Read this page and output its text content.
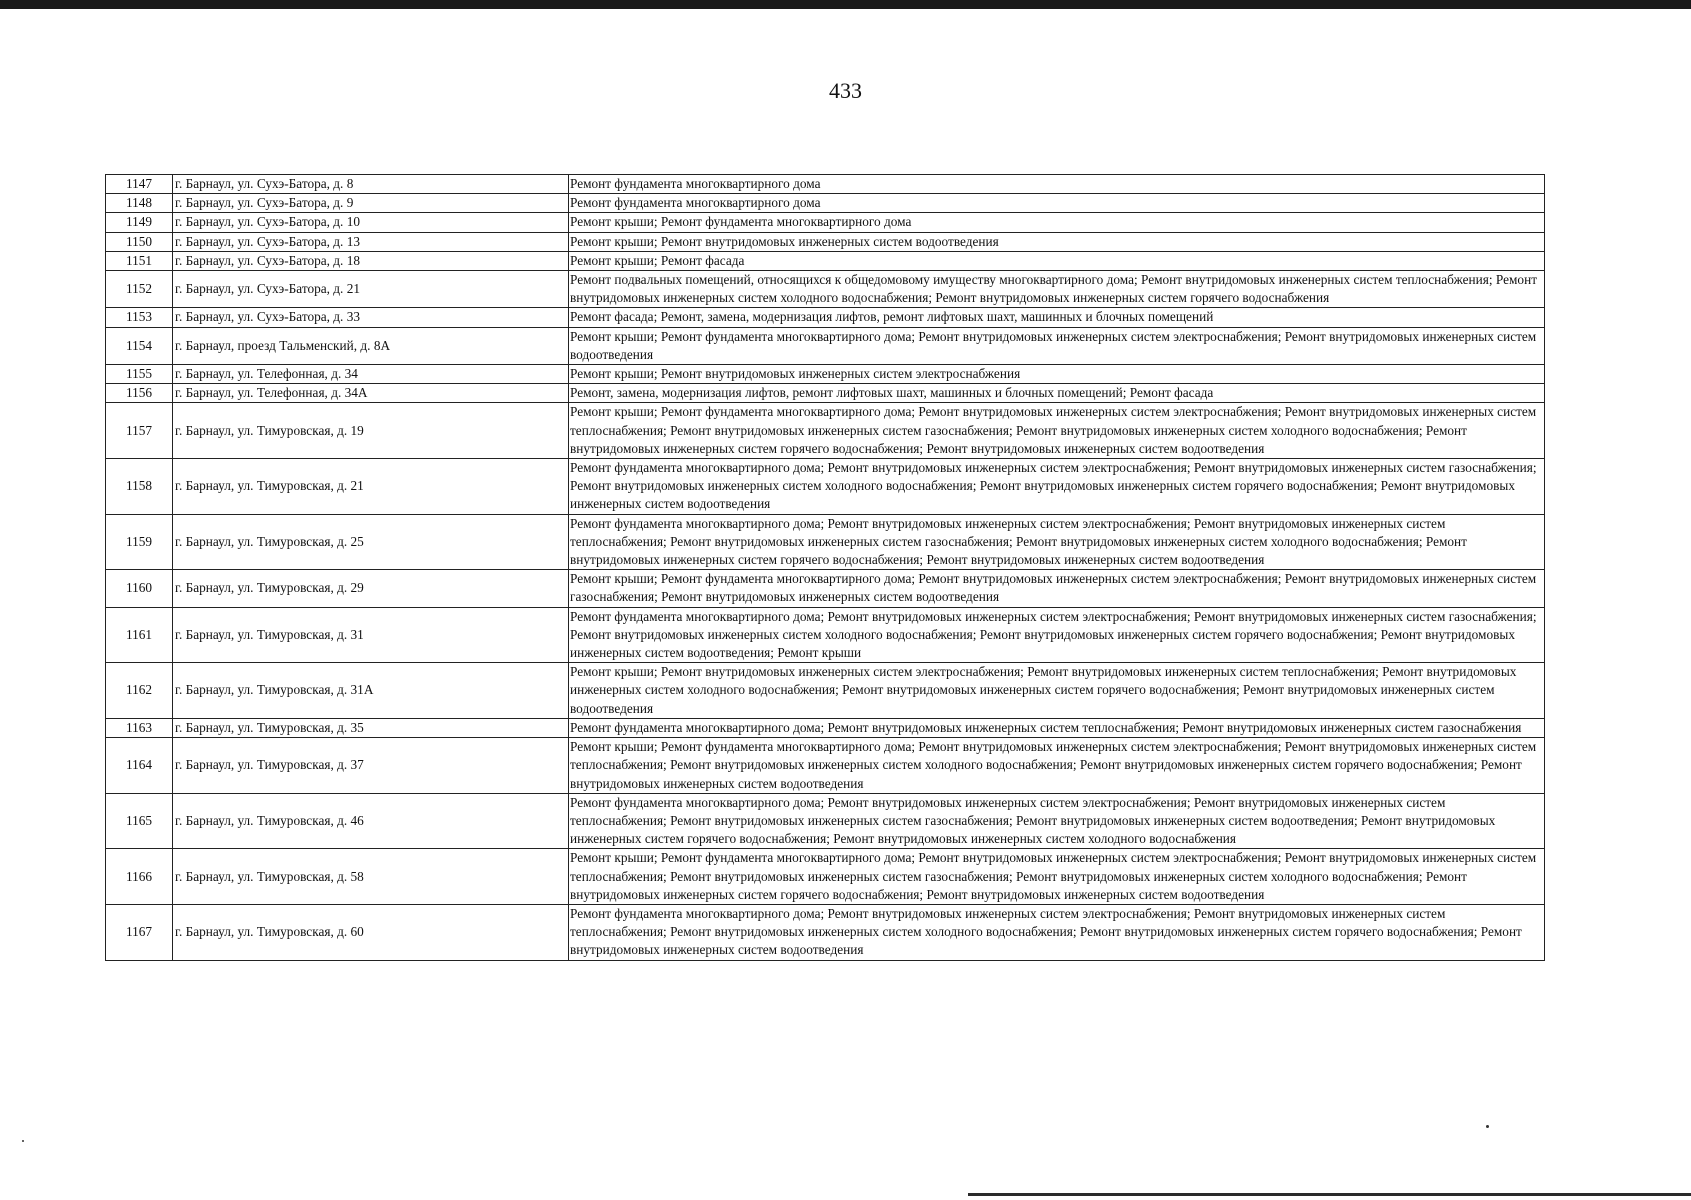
433
1147	г. Барнаул, ул. Сухэ-Батора, д. 8	Ремонт фундамента многоквартирного дома
1148	г. Барнаул, ул. Сухэ-Батора, д. 9	Ремонт фундамента многоквартирного дома
1149	г. Барнаул, ул. Сухэ-Батора, д. 10	Ремонт крыши; Ремонт фундамента многоквартирного дома
1150	г. Барнаул, ул. Сухэ-Батора, д. 13	Ремонт крыши; Ремонт внутридомовых инженерных систем водоотведения
1151	г. Барнаул, ул. Сухэ-Батора, д. 18	Ремонт крыши; Ремонт фасада
1152	г. Барнаул, ул. Сухэ-Батора, д. 21	Ремонт подвальных помещений, относящихся к общедомовому имуществу многоквартирного дома; Ремонт внутридомовых инженерных систем теплоснабжения; Ремонт внутридомовых инженерных систем холодного водоснабжения; Ремонт внутридомовых инженерных систем горячего водоснабжения
1153	г. Барнаул, ул. Сухэ-Батора, д. 33	Ремонт фасада; Ремонт, замена, модернизация лифтов, ремонт лифтовых шахт, машинных и блочных помещений
1154	г. Барнаул, проезд Тальменский, д. 8А	Ремонт крыши; Ремонт фундамента многоквартирного дома; Ремонт внутридомовых инженерных систем электроснабжения; Ремонт внутридомовых инженерных систем водоотведения
1155	г. Барнаул, ул. Телефонная, д. 34	Ремонт крыши; Ремонт внутридомовых инженерных систем электроснабжения
1156	г. Барнаул, ул. Телефонная, д. 34А	Ремонт, замена, модернизация лифтов, ремонт лифтовых шахт, машинных и блочных помещений; Ремонт фасада
1157	г. Барнаул, ул. Тимуровская, д. 19	Ремонт крыши; Ремонт фундамента многоквартирного дома; Ремонт внутридомовых инженерных систем электроснабжения; Ремонт внутридомовых инженерных систем теплоснабжения; Ремонт внутридомовых инженерных систем газоснабжения; Ремонт внутридомовых инженерных систем холодного водоснабжения; Ремонт внутридомовых инженерных систем горячего водоснабжения; Ремонт внутридомовых инженерных систем водоотведения
1158	г. Барнаул, ул. Тимуровская, д. 21	Ремонт фундамента многоквартирного дома; Ремонт внутридомовых инженерных систем электроснабжения; Ремонт внутридомовых инженерных систем газоснабжения; Ремонт внутридомовых инженерных систем холодного водоснабжения; Ремонт внутридомовых инженерных систем горячего водоснабжения; Ремонт внутридомовых инженерных систем водоотведения
1159	г. Барнаул, ул. Тимуровская, д. 25	Ремонт фундамента многоквартирного дома; Ремонт внутридомовых инженерных систем электроснабжения; Ремонт внутридомовых инженерных систем теплоснабжения; Ремонт внутридомовых инженерных систем газоснабжения; Ремонт внутридомовых инженерных систем холодного водоснабжения; Ремонт внутридомовых инженерных систем горячего водоснабжения; Ремонт внутридомовых инженерных систем водоотведения
1160	г. Барнаул, ул. Тимуровская, д. 29	Ремонт крыши; Ремонт фундамента многоквартирного дома; Ремонт внутридомовых инженерных систем электроснабжения; Ремонт внутридомовых инженерных систем газоснабжения; Ремонт внутридомовых инженерных систем водоотведения
1161	г. Барнаул, ул. Тимуровская, д. 31	Ремонт фундамента многоквартирного дома; Ремонт внутридомовых инженерных систем электроснабжения; Ремонт внутридомовых инженерных систем газоснабжения; Ремонт внутридомовых инженерных систем холодного водоснабжения; Ремонт внутридомовых инженерных систем горячего водоснабжения; Ремонт внутридомовых инженерных систем водоотведения; Ремонт крыши
1162	г. Барнаул, ул. Тимуровская, д. 31А	Ремонт крыши; Ремонт внутридомовых инженерных систем электроснабжения; Ремонт внутридомовых инженерных систем теплоснабжения; Ремонт внутридомовых инженерных систем холодного водоснабжения; Ремонт внутридомовых инженерных систем горячего водоснабжения; Ремонт внутридомовых инженерных систем водоотведения
1163	г. Барнаул, ул. Тимуровская, д. 35	Ремонт фундамента многоквартирного дома; Ремонт внутридомовых инженерных систем теплоснабжения; Ремонт внутридомовых инженерных систем газоснабжения
1164	г. Барнаул, ул. Тимуровская, д. 37	Ремонт крыши; Ремонт фундамента многоквартирного дома; Ремонт внутридомовых инженерных систем электроснабжения; Ремонт внутридомовых инженерных систем теплоснабжения; Ремонт внутридомовых инженерных систем холодного водоснабжения; Ремонт внутридомовых инженерных систем горячего водоснабжения; Ремонт внутридомовых инженерных систем водоотведения
1165	г. Барнаул, ул. Тимуровская, д. 46	Ремонт фундамента многоквартирного дома; Ремонт внутридомовых инженерных систем электроснабжения; Ремонт внутридомовых инженерных систем теплоснабжения; Ремонт внутридомовых инженерных систем газоснабжения; Ремонт внутридомовых инженерных систем водоотведения; Ремонт внутридомовых инженерных систем горячего водоснабжения; Ремонт внутридомовых инженерных систем холодного водоснабжения
1166	г. Барнаул, ул. Тимуровская, д. 58	Ремонт крыши; Ремонт фундамента многоквартирного дома; Ремонт внутридомовых инженерных систем электроснабжения; Ремонт внутридомовых инженерных систем теплоснабжения; Ремонт внутридомовых инженерных систем газоснабжения; Ремонт внутридомовых инженерных систем холодного водоснабжения; Ремонт внутридомовых инженерных систем горячего водоснабжения; Ремонт внутридомовых инженерных систем водоотведения
1167	г. Барнаул, ул. Тимуровская, д. 60	Ремонт фундамента многоквартирного дома; Ремонт внутридомовых инженерных систем электроснабжения; Ремонт внутридомовых инженерных систем теплоснабжения; Ремонт внутридомовых инженерных систем холодного водоснабжения; Ремонт внутридомовых инженерных систем горячего водоснабжения; Ремонт внутридомовых инженерных систем водоотведения
